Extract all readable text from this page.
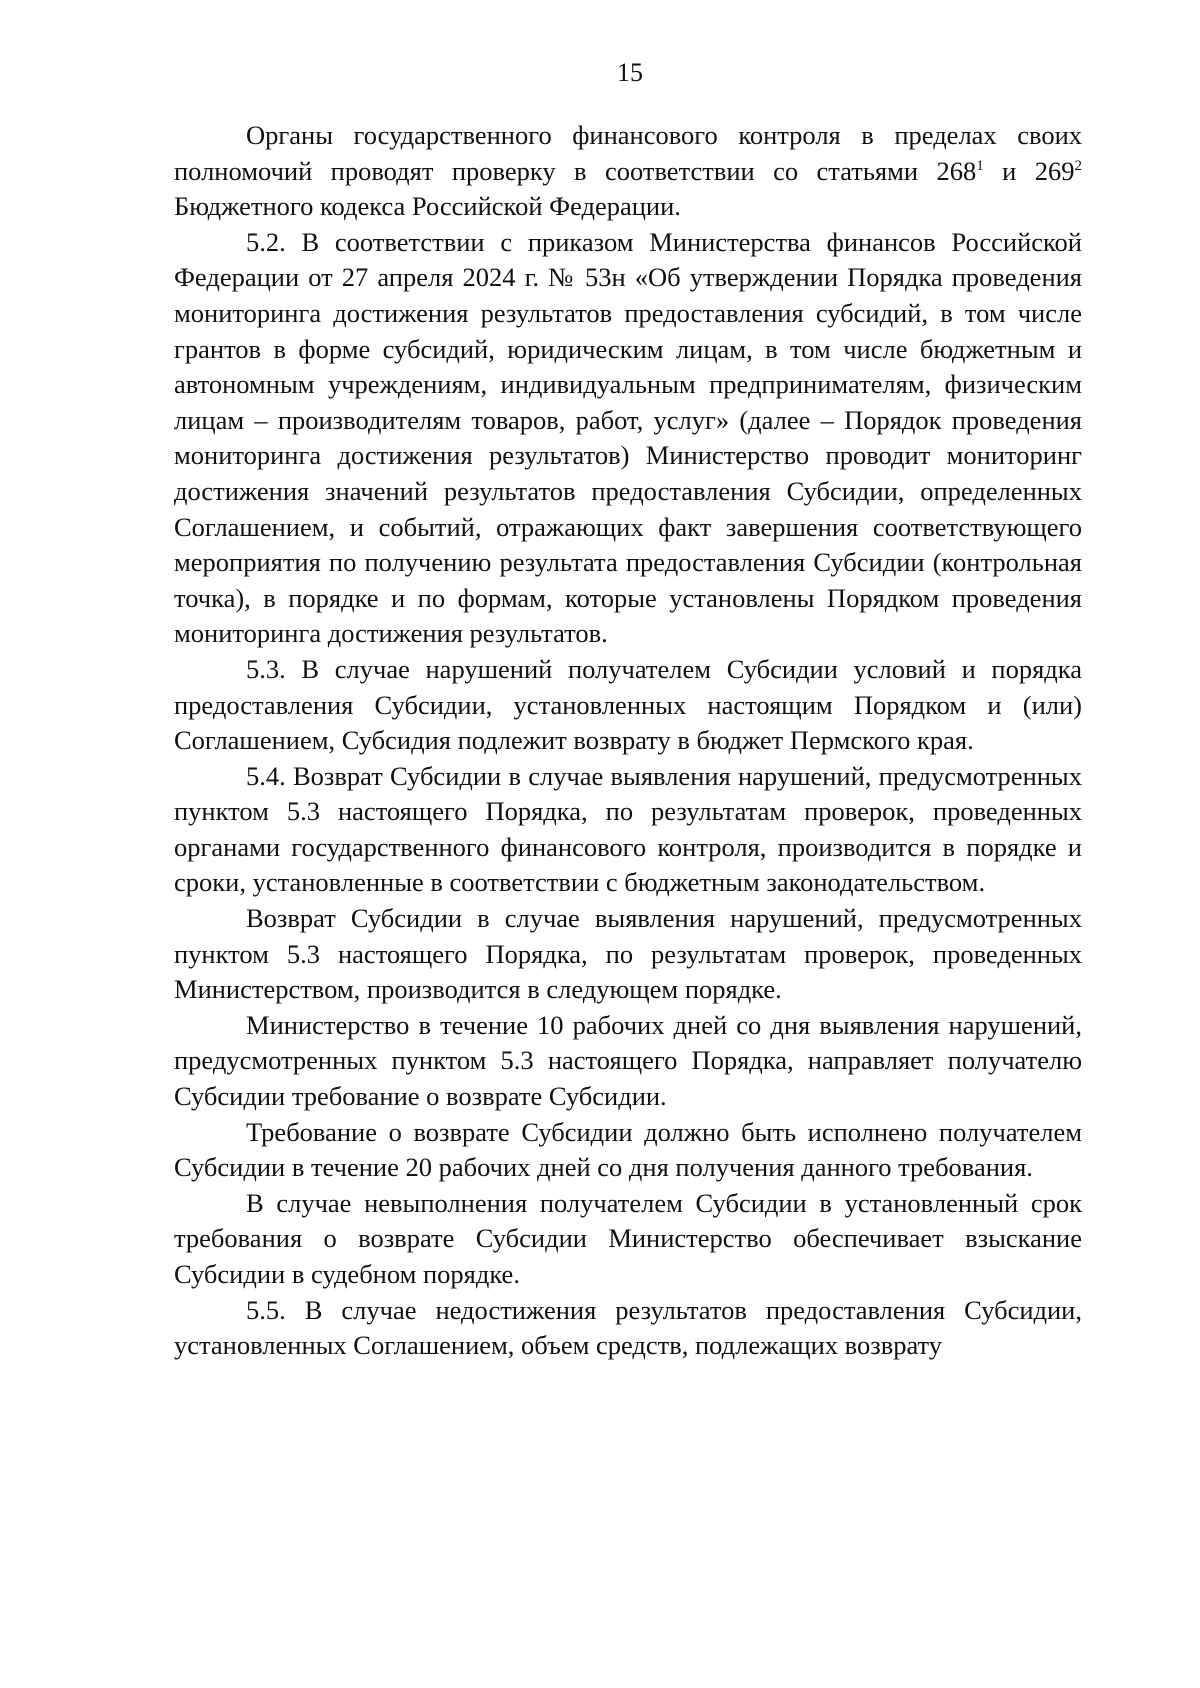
15

Органы государственного финансового контроля в пределах своих полномочий проводят проверку в соответствии со статьями $268^1$ и $269^2$ Бюджетного кодекса Российской Федерации.

5.2. В соответствии с приказом Министерства финансов Российской Федерации от 27 апреля 2024 г. № 53н «Об утверждении Порядка проведения мониторинга достижения результатов предоставления субсидий, в том числе грантов в форме субсидий, юридическим лицам, в том числе бюджетным и автономным учреждениям, индивидуальным предпринимателям, физическим лицам – производителям товаров, работ, услуг» (далее – Порядок проведения мониторинга достижения результатов) Министерство проводит мониторинг достижения значений результатов предоставления Субсидии, определенных Соглашением, и событий, отражающих факт завершения соответствующего мероприятия по получению результата предоставления Субсидии (контрольная точка), в порядке и по формам, которые установлены Порядком проведения мониторинга достижения результатов.

5.3. В случае нарушений получателем Субсидии условий и порядка предоставления Субсидии, установленных настоящим Порядком и (или) Соглашением, Субсидия подлежит возврату в бюджет Пермского края.

5.4. Возврат Субсидии в случае выявления нарушений, предусмотренных пунктом 5.3 настоящего Порядка, по результатам проверок, проведенных органами государственного финансового контроля, производится в порядке и сроки, установленные в соответствии с бюджетным законодательством.

Возврат Субсидии в случае выявления нарушений, предусмотренных пунктом 5.3 настоящего Порядка, по результатам проверок, проведенных Министерством, производится в следующем порядке.

Министерство в течение 10 рабочих дней со дня выявления нарушений, предусмотренных пунктом 5.3 настоящего Порядка, направляет получателю Субсидии требование о возврате Субсидии.

Требование о возврате Субсидии должно быть исполнено получателем Субсидии в течение 20 рабочих дней со дня получения данного требования.

В случае невыполнения получателем Субсидии в установленный срок требования о возврате Субсидии Министерство обеспечивает взыскание Субсидии в судебном порядке.

5.5. В случае недостижения результатов предоставления Субсидии, установленных Соглашением, объем средств, подлежащих возврату
